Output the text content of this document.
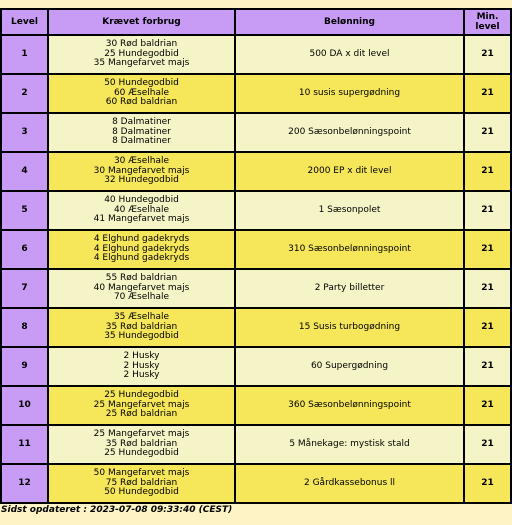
Level	Krævet forbrug	Belønning	Min.
level
1	30 Rød baldrian
25 Hundegodbid
35 Mangefarvet majs	500 DA x dit level	21
2	50 Hundegodbid
60 Æselhale
60 Rød baldrian	10 susis supergødning	21
3	8 Dalmatiner
8 Dalmatiner
8 Dalmatiner	200 Sæsonbelønningspoint	21
4	30 Æselhale
30 Mangefarvet majs
32 Hundegodbid	2000 EP x dit level	21
5	40 Hundegodbid
40 Æselhale
41 Mangefarvet majs	1 Sæsonpolet	21
6	4 Elghund gadekryds
4 Elghund gadekryds
4 Elghund gadekryds	310 Sæsonbelønningspoint	21
7	55 Rød baldrian
40 Mangefarvet majs
70 Æselhale	2 Party billetter	21
8	35 Æselhale
35 Rød baldrian
35 Hundegodbid	15 Susis turbogødning	21
9	2 Husky
2 Husky
2 Husky	60 Supergødning	21
10	25 Hundegodbid
25 Mangefarvet majs
25 Rød baldrian	360 Sæsonbelønningspoint	21
11	25 Mangefarvet majs
35 Rød baldrian
25 Hundegodbid	5 Månekage: mystisk stald	21
12	50 Mangefarvet majs
75 Rød baldrian
50 Hundegodbid	2 Gårdkassebonus ll	21
Sidst opdateret : 2023-07-08 09:33:40 (CEST)
